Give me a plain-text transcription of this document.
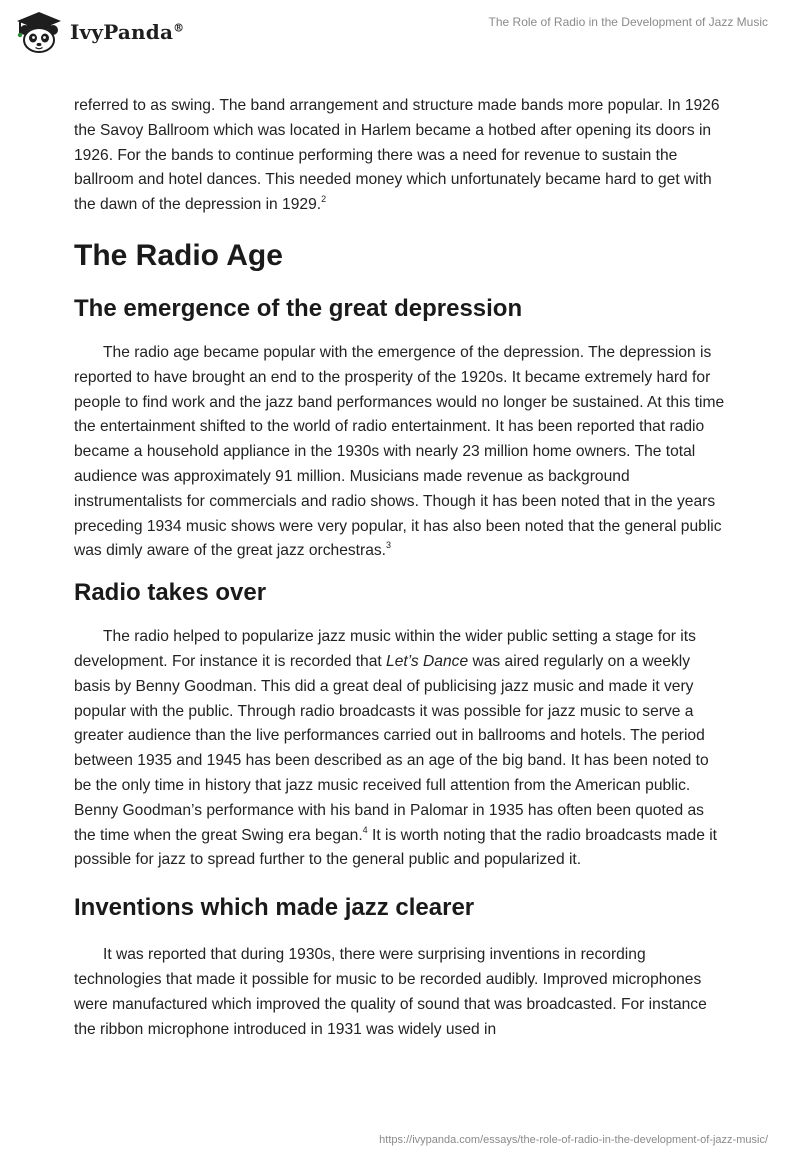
IvyPanda®	The Role of Radio in the Development of Jazz Music

referred to as swing. The band arrangement and structure made bands more popular. In 1926 the Savoy Ballroom which was located in Harlem became a hotbed after opening its doors in 1926. For the bands to continue performing there was a need for revenue to sustain the ballroom and hotel dances. This needed money which unfortunately became hard to get with the dawn of the depression in 1929.$^2$

The Radio Age
The emergence of the great depression

The radio age became popular with the emergence of the depression. The depression is reported to have brought an end to the prosperity of the 1920s. It became extremely hard for people to find work and the jazz band performances would no longer be sustained. At this time the entertainment shifted to the world of radio entertainment. It has been reported that radio became a household appliance in the 1930s with nearly 23 million home owners. The total audience was approximately 91 million. Musicians made revenue as background instrumentalists for commercials and radio shows. Though it has been noted that in the years preceding 1934 music shows were very popular, it has also been noted that the general public was dimly aware of the great jazz orchestras.$^3$

Radio takes over

The radio helped to popularize jazz music within the wider public setting a stage for its development. For instance it is recorded that Let’s Dance was aired regularly on a weekly basis by Benny Goodman. This did a great deal of publicising jazz music and made it very popular with the public. Through radio broadcasts it was possible for jazz music to serve a greater audience than the live performances carried out in ballrooms and hotels. The period between 1935 and 1945 has been described as an age of the big band. It has been noted to be the only time in history that jazz music received full attention from the American public. Benny Goodman’s performance with his band in Palomar in 1935 has often been quoted as the time when the great Swing era began.$^4$ It is worth noting that the radio broadcasts made it possible for jazz to spread further to the general public and popularized it.

Inventions which made jazz clearer

It was reported that during 1930s, there were surprising inventions in recording technologies that made it possible for music to be recorded audibly. Improved microphones were manufactured which improved the quality of sound that was broadcasted. For instance the ribbon microphone introduced in 1931 was widely used in

https://ivypanda.com/essays/the-role-of-radio-in-the-development-of-jazz-music/
